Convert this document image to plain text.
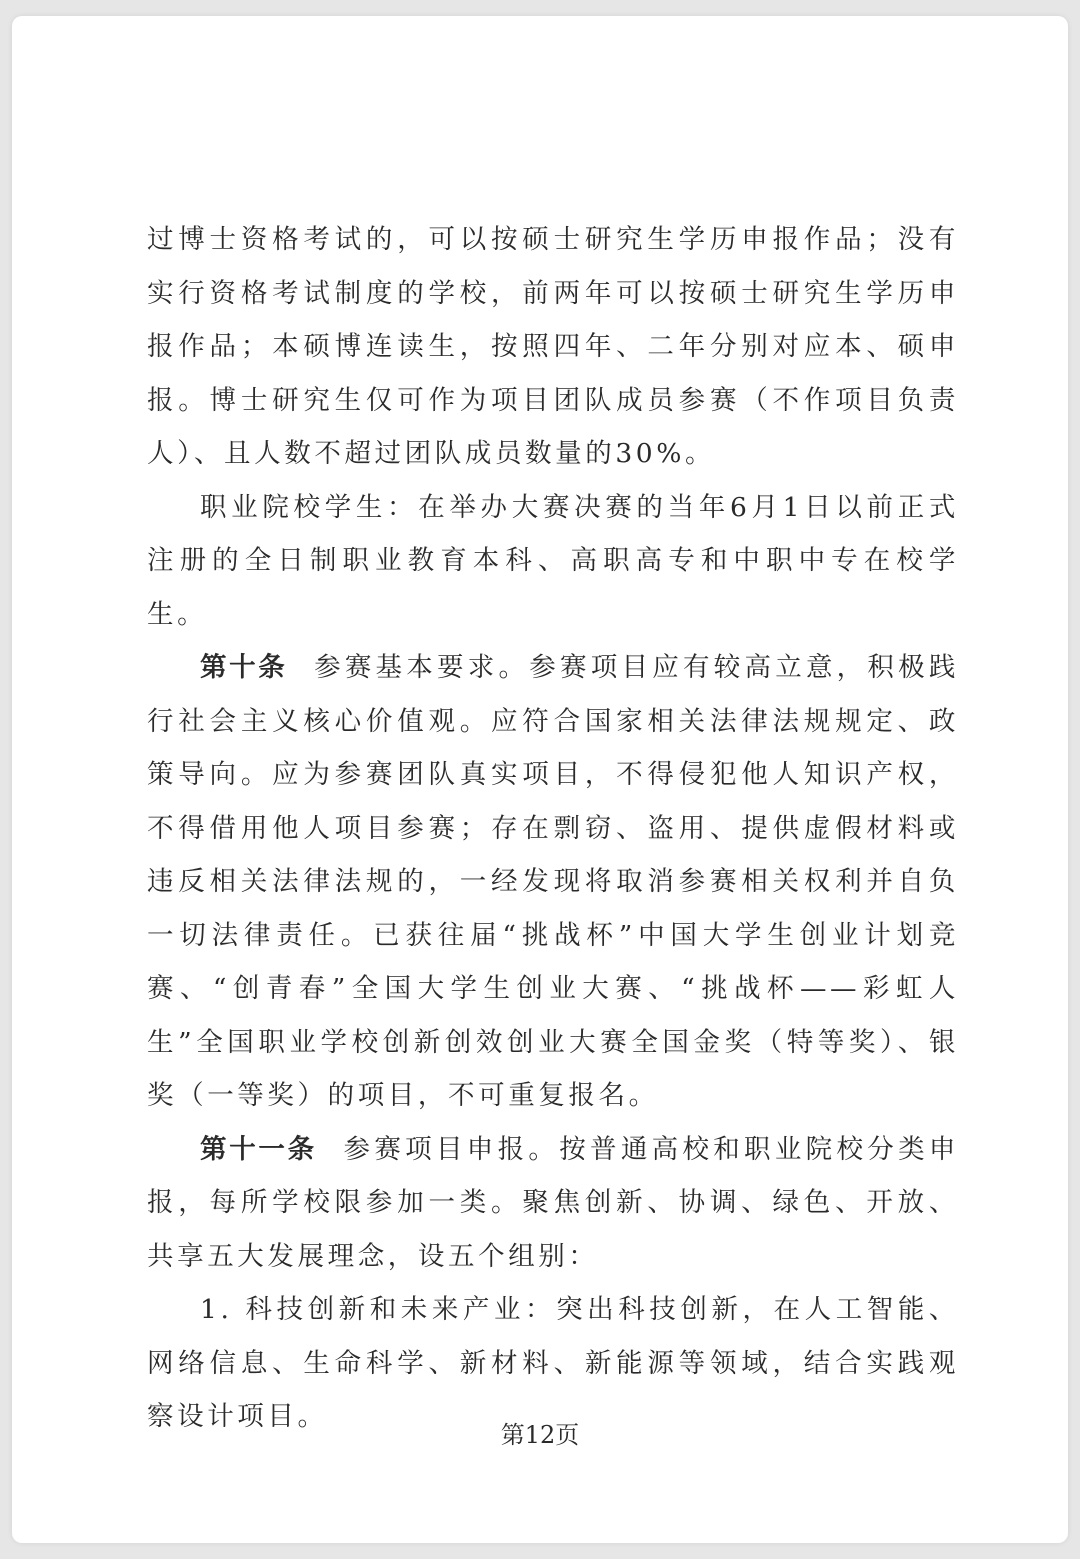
过博士资格考试的，可以按硕士研究生学历申报作品；没有实行资格考试制度的学校，前两年可以按硕士研究生学历申报作品；本硕博连读生，按照四年、二年分别对应本、硕申报。博士研究生仅可作为项目团队成员参赛（不作项目负责人）、且人数不超过团队成员数量的30%。

职业院校学生：在举办大赛决赛的当年6月1日以前正式注册的全日制职业教育本科、高职高专和中职中专在校学生。

第十条 参赛基本要求。参赛项目应有较高立意，积极践行社会主义核心价值观。应符合国家相关法律法规规定、政策导向。应为参赛团队真实项目，不得侵犯他人知识产权，不得借用他人项目参赛；存在剽窃、盗用、提供虚假材料或违反相关法律法规的，一经发现将取消参赛相关权利并自负一切法律责任。已获往届“挑战杯”中国大学生创业计划竞赛、“创青春”全国大学生创业大赛、“挑战杯——彩虹人生”全国职业学校创新创效创业大赛全国金奖（特等奖）、银奖（一等奖）的项目，不可重复报名。

第十一条 参赛项目申报。按普通高校和职业院校分类申报，每所学校限参加一类。聚焦创新、协调、绿色、开放、共享五大发展理念，设五个组别：

1. 科技创新和未来产业：突出科技创新，在人工智能、网络信息、生命科学、新材料、新能源等领域，结合实践观察设计项目。

第12页
